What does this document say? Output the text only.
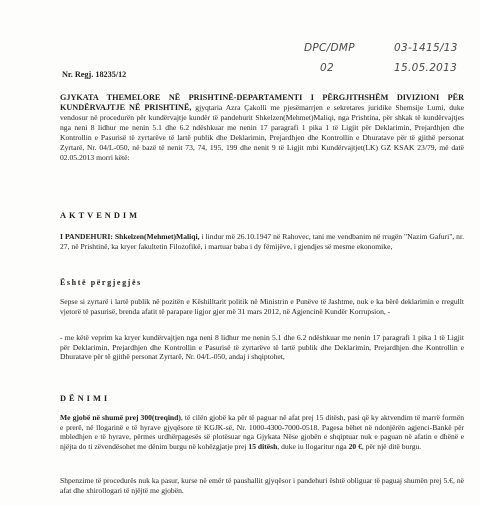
DPC/DMP	03-1415/13
02	15.05.2013
Nr. Regj. 18235/12
GJYKATA THEMELORE NË PRISHTINË-DEPARTAMENTI I PËRGJITHSHËM DIVIZIONI PËR KUNDËRVAJTJE NË PRISHTINË, gjyqtaria Azra Çakolli me pjesëmarrjen e sekretares juridike Shemsije Lumi, duke vendosur në procedurën për kundërvajtje kundër të pandehurit Shkelzen(Mehmet)Maliqi, nga Prishtina, për shkak të kundërvajtjes nga neni 8 lidhur me nenin 5.1 dhe 6.2 ndëshkuar me nenin 17 paragrafi 1 pika 1 të Ligjit për Deklarimin, Prejardhjen dhe Kontrollin e Pasurisë të zyrtarëve të lartë publik dhe Deklarimin, Prejardhjen dhe Kontrollin e Dhuratave për të gjithë personat Zyrtarë, Nr. 04/L-050, në bazë të nenit 73, 74, 195, 199 dhe nenit 9 të Ligjit mbi Kundërvajtjet(LK) GZ KSAK 23/79, më datë 02.05.2013 morri këtë:
AKTVENDIM
I PANDEHURI: Shkelzen(Mehmet)Maliqi, i lindur më 26.10.1947 në Rahovec, tani me vendbanim në rrugën "Nazim Gafuri", nr. 27, në Prishtinë, ka kryer fakultetin Filozofikë, i martuar baba i dy fëmijëve, i gjendjes së mesme ekonomike,
Është përgjegjës
Sepse si zyrtarë i lartë publik në pozitën e Këshilltarit politik në Ministrin e Punëve të Jashtme, nuk e ka bërë deklarimin e rregullt vjetorë të pasurisë, brenda afatit të parapare ligjor gjer më 31 mars 2012, në Agjencinë Kundër Korrupsion, -
- me këtë veprim ka kryer kundërvajtjen nga neni 8 lidhur me nenin 5.1 dhe 6.2 ndëshkuar me nenin 17 paragrafi 1 pika 1 të Ligjit për Deklarimin, Prejardhjen dhe Kontrollin e Pasurisë të zyrtarëve të lartë publik dhe Deklarimin, Prejardhjen dhe Kontrollin e Dhuratave për të gjithë personat Zyrtarë, Nr. 04/L-050, andaj i shqiptohet,
DËNIMI
Me gjobë në shumë prej 300(treqind), të cilën gjobë ka për të paguar në afat prej 15 ditësh, pasi që ky aktvendim të marrë formën e prerë, në llogarinë e të hyrave gjyqësore të KGJK-së, Nr. 1000-4300-7000-0518. Pagesa bëhet në ndonjërën agjenci-Bankë për mbledhjen e të hyrave, përmes urdhërpagesës së plotësuar nga Gjykata Nëse gjobën e shqiptuar nuk e paguan në afatin e dhënë e njëjta do ti zëvendësohet me dënim burgu në kohëzgjatje prej 15 ditësh, duke iu llogaritur nga 20 €, për një ditë burgu.
Shpenzime të procedurës nuk ka pasur, kurse në emër të paushallit gjyqësor i pandehuri është obliguar të paguaj shumën prej 5.€, në afat dhe xhirollogari të njëjtë me gjobën.
